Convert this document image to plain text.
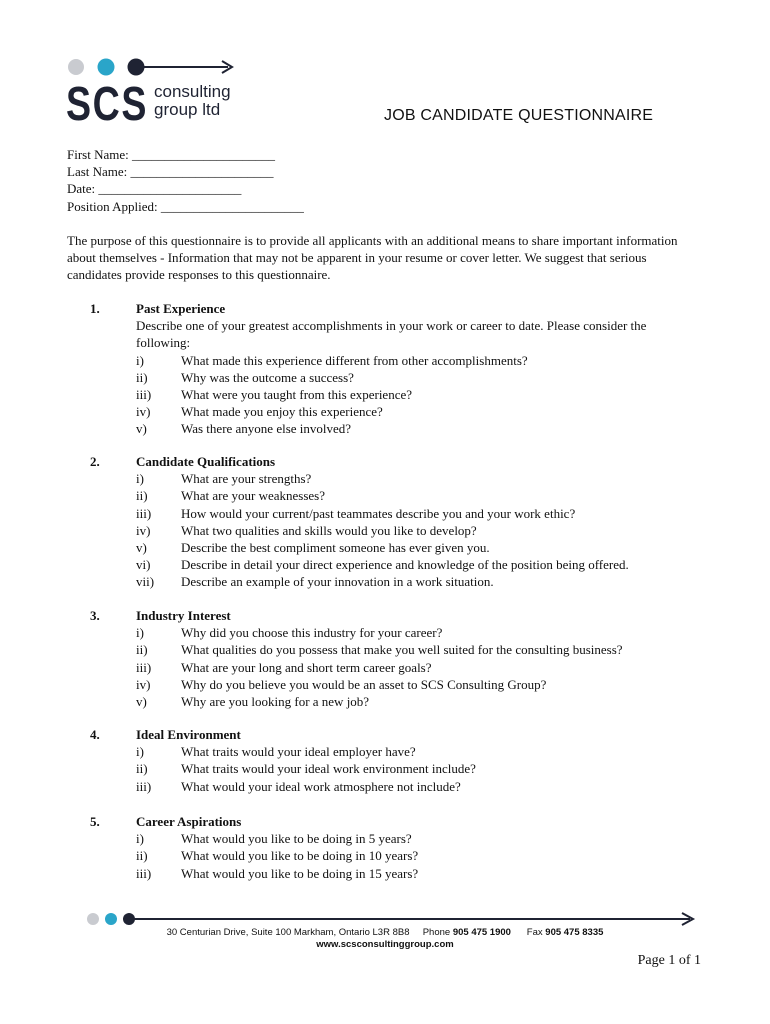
SCS consulting
group ltd	JOB CANDIDATE QUESTIONNAIRE
First Name: ______________________
Last Name: ______________________
Date: ______________________
Position Applied: ______________________
The purpose of this questionnaire is to provide all applicants with an additional means to share important information about themselves - Information that may not be apparent in your resume or cover letter. We suggest that serious candidates provide responses to this questionnaire.
1.	Past Experience
Describe one of your greatest accomplishments in your work or career to date. Please consider the following:
i)	What made this experience different from other accomplishments?
ii)	Why was the outcome a success?
iii) What were you taught from this experience?
iv) What made you enjoy this experience?
v)	Was there anyone else involved?
2.	Candidate Qualifications
i)	What are your strengths?
ii)	What are your weaknesses?
iii) How would your current/past teammates describe you and your work ethic?
iv) What two qualities and skills would you like to develop?
v)	Describe the best compliment someone has ever given you.
vi) Describe in detail your direct experience and knowledge of the position being offered.
vii) Describe an example of your innovation in a work situation.
3.	Industry Interest
i)	Why did you choose this industry for your career?
ii)	What qualities do you possess that make you well suited for the consulting business?
iii) What are your long and short term career goals?
iv) Why do you believe you would be an asset to SCS Consulting Group?
v)	Why are you looking for a new job?
4.	Ideal Environment
i)	What traits would your ideal employer have?
ii)	What traits would your ideal work environment include?
iii) What would your ideal work atmosphere not include?
5.	Career Aspirations
i)	What would you like to be doing in 5 years?
ii)	What would you like to be doing in 10 years?
iii) What would you like to be doing in 15 years?
30 Centurian Drive, Suite 100 Markham, Ontario L3R 8B8 Phone 905 475 1900 Fax 905 475 8335
www.scsconsultinggroup.com
Page 1 of 1
